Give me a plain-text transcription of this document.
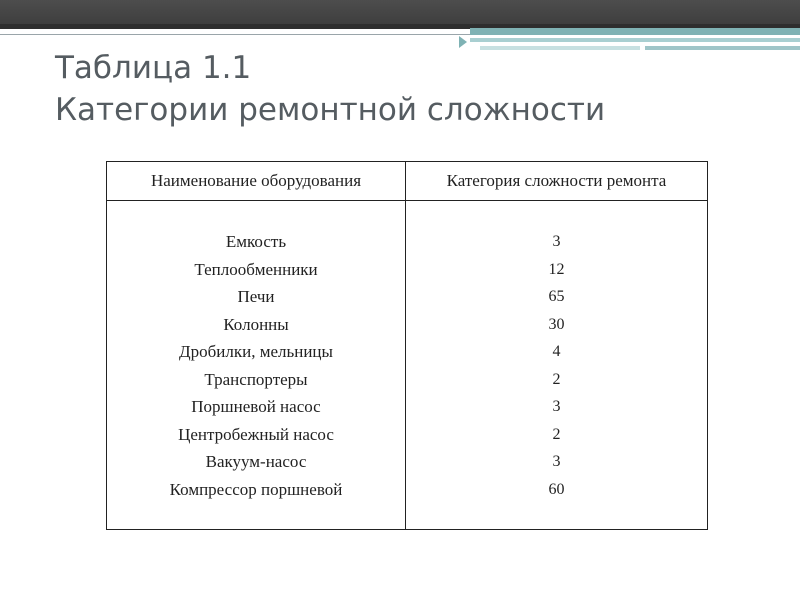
Таблица 1.1
Категории ремонтной сложности
Наименование оборудования	Категория сложности ремонта
Емкость
Теплообменники
Печи
Колонны
Дробилки, мельницы
Транспортеры
Поршневой насос
Центробежный насос
Вакуум-насос
Компрессор поршневой
3
12
65
30
4
2
3
2
3
60
